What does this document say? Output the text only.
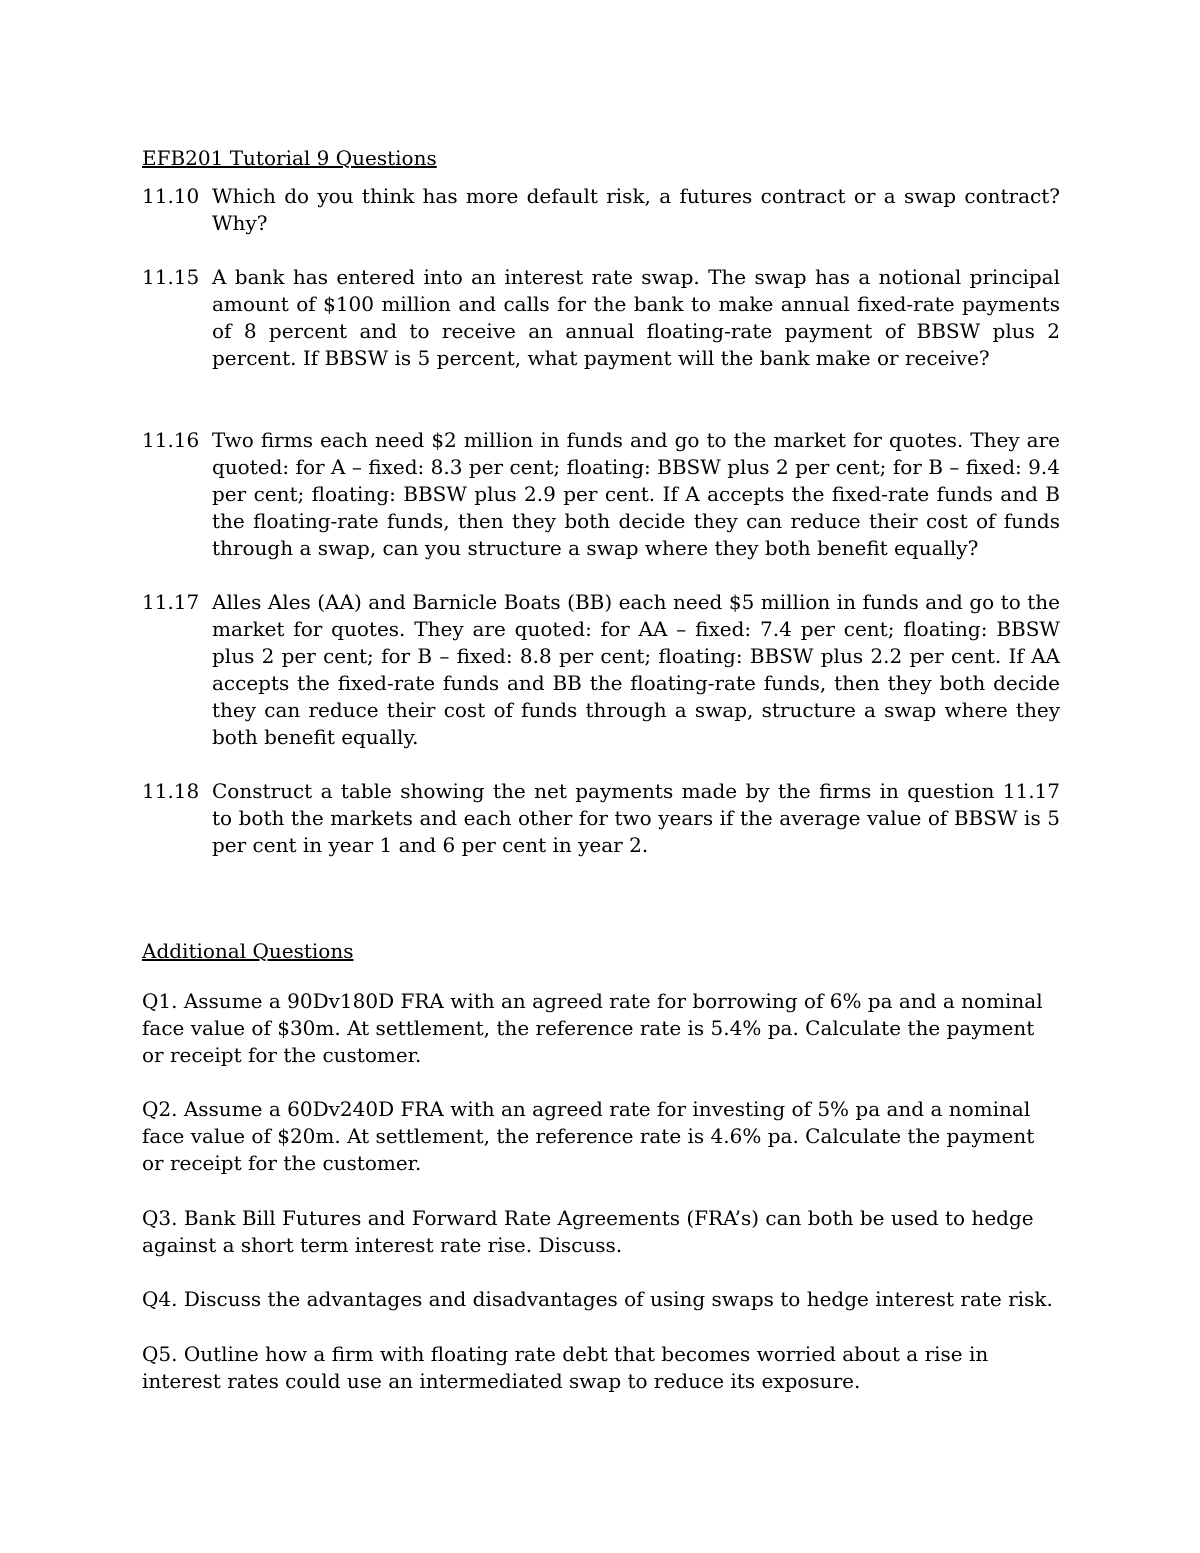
EFB201 Tutorial 9 Questions
11.10 Which do you think has more default risk, a futures contract or a swap contract? Why?
11.15 A bank has entered into an interest rate swap. The swap has a notional principal amount of $100 million and calls for the bank to make annual fixed-rate payments of 8 percent and to receive an annual floating-rate payment of BBSW plus 2 percent. If BBSW is 5 percent, what payment will the bank make or receive?
11.16 Two firms each need $2 million in funds and go to the market for quotes. They are quoted: for A – fixed: 8.3 per cent; floating: BBSW plus 2 per cent; for B – fixed: 9.4 per cent; floating: BBSW plus 2.9 per cent. If A accepts the fixed-rate funds and B the floating-rate funds, then they both decide they can reduce their cost of funds through a swap, can you structure a swap where they both benefit equally?
11.17 Alles Ales (AA) and Barnicle Boats (BB) each need $5 million in funds and go to the market for quotes. They are quoted: for AA – fixed: 7.4 per cent; floating: BBSW plus 2 per cent; for B – fixed: 8.8 per cent; floating: BBSW plus 2.2 per cent. If AA accepts the fixed-rate funds and BB the floating-rate funds, then they both decide they can reduce their cost of funds through a swap, structure a swap where they both benefit equally.
11.18 Construct a table showing the net payments made by the firms in question 11.17 to both the markets and each other for two years if the average value of BBSW is 5 per cent in year 1 and 6 per cent in year 2.
Additional Questions
Q1. Assume a 90Dv180D FRA with an agreed rate for borrowing of 6% pa and a nominal face value of $30m. At settlement, the reference rate is 5.4% pa. Calculate the payment or receipt for the customer.
Q2. Assume a 60Dv240D FRA with an agreed rate for investing of 5% pa and a nominal face value of $20m. At settlement, the reference rate is 4.6% pa. Calculate the payment or receipt for the customer.
Q3. Bank Bill Futures and Forward Rate Agreements (FRA’s) can both be used to hedge against a short term interest rate rise. Discuss.
Q4. Discuss the advantages and disadvantages of using swaps to hedge interest rate risk.
Q5. Outline how a firm with floating rate debt that becomes worried about a rise in interest rates could use an intermediated swap to reduce its exposure.
